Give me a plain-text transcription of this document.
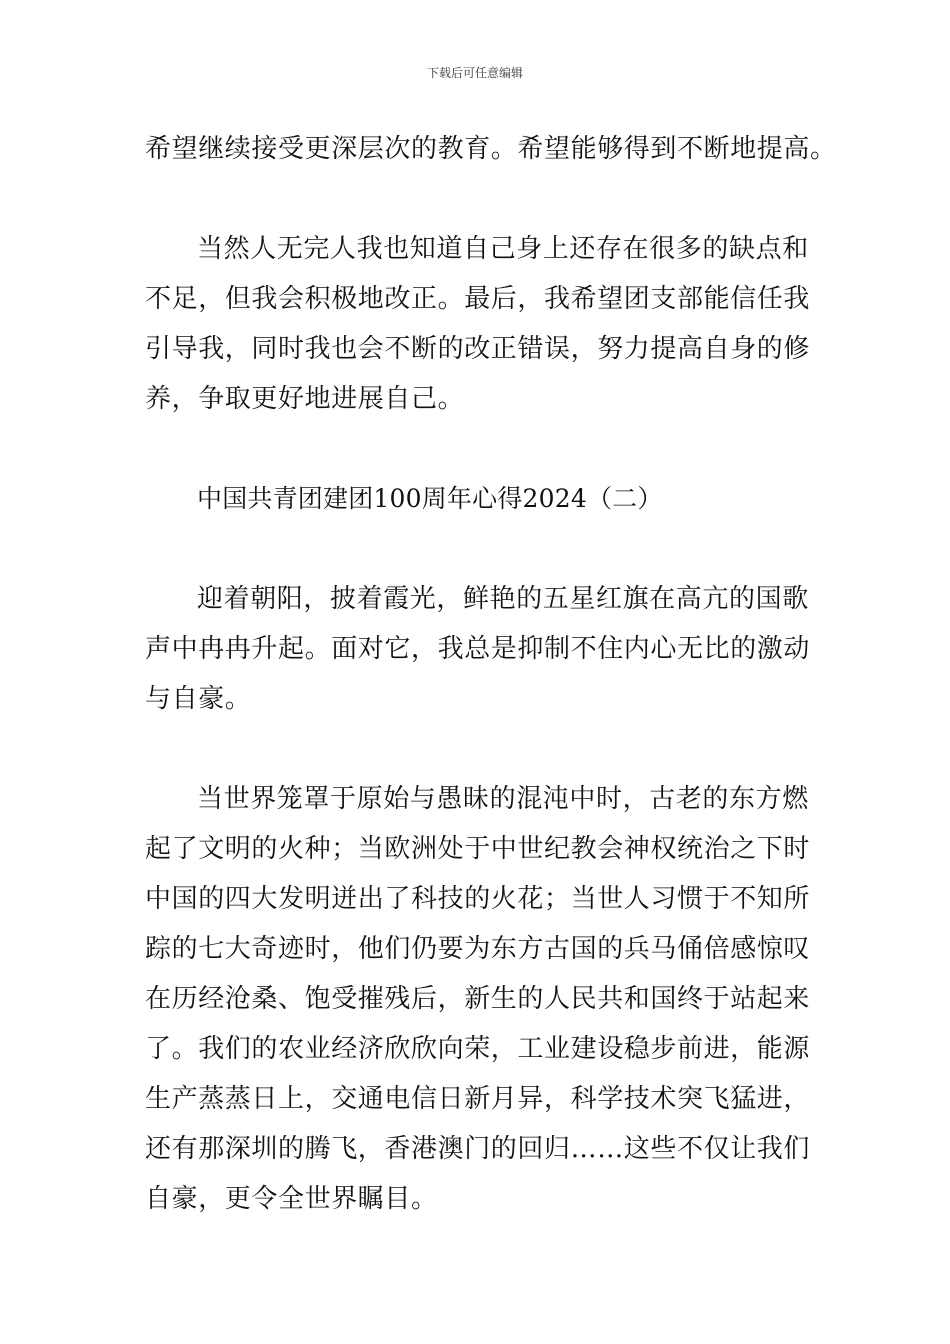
下载后可任意编辑
希望继续接受更深层次的教育。希望能够得到不断地提高。
当然人无完人我也知道自己身上还存在很多的缺点和
不足，但我会积极地改正。最后，我希望团支部能信任我
引导我，同时我也会不断的改正错误，努力提高自身的修
养，争取更好地进展自己。
中国共青团建团100周年心得2024（二）
迎着朝阳，披着霞光，鲜艳的五星红旗在高亢的国歌
声中冉冉升起。面对它，我总是抑制不住内心无比的激动
与自豪。
当世界笼罩于原始与愚昧的混沌中时，古老的东方燃
起了文明的火种；当欧洲处于中世纪教会神权统治之下时
中国的四大发明迸出了科技的火花；当世人习惯于不知所
踪的七大奇迹时，他们仍要为东方古国的兵马俑倍感惊叹
在历经沧桑、饱受摧残后，新生的人民共和国终于站起来
了。我们的农业经济欣欣向荣，工业建设稳步前进，能源
生产蒸蒸日上，交通电信日新月异，科学技术突飞猛进，
还有那深圳的腾飞，香港澳门的回归……这些不仅让我们
自豪，更令全世界瞩目。
